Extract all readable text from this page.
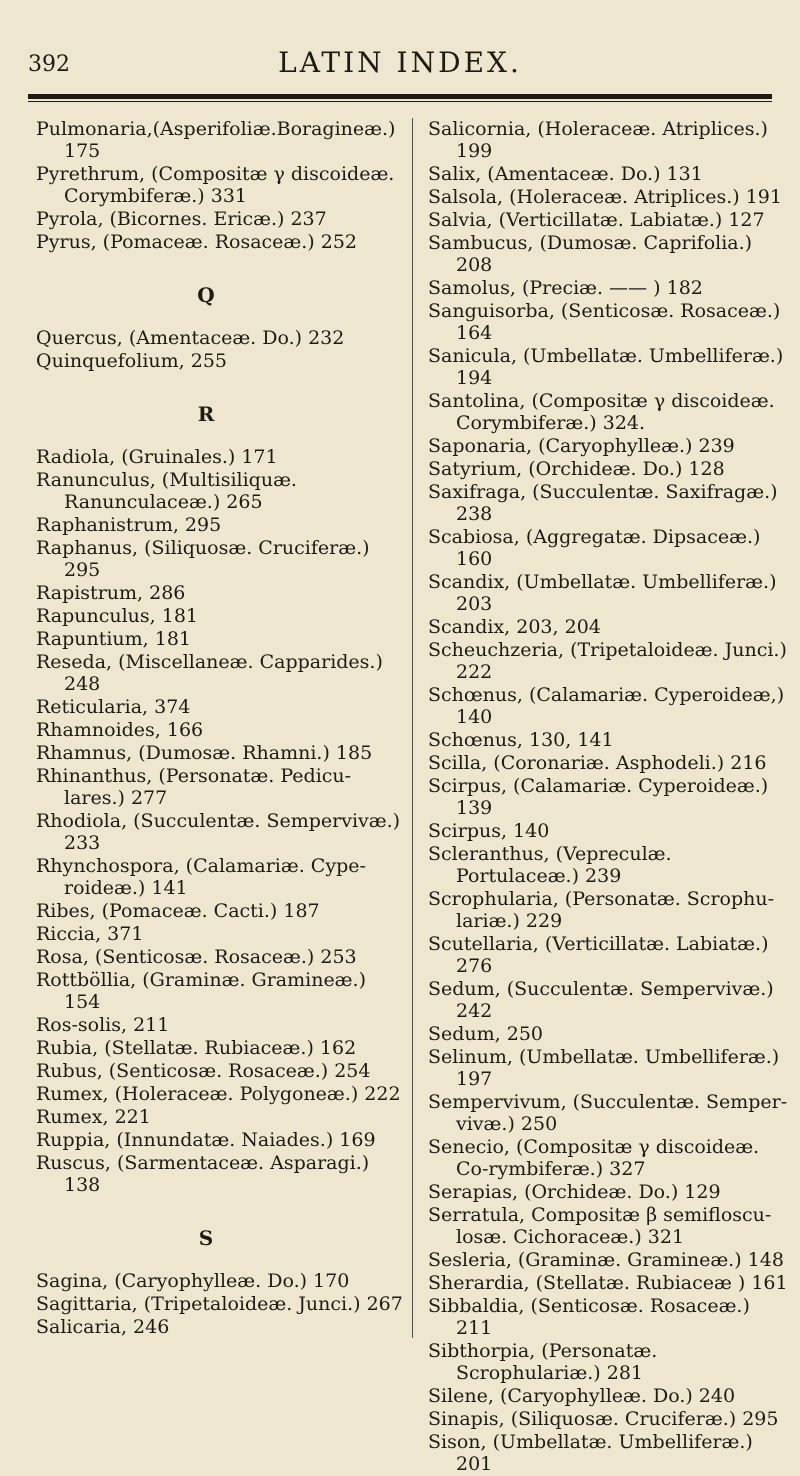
392	LATIN INDEX.

Pulmonaria,(Asperifoliæ.Boragineæ.) 175

Pyrethrum, (Compositæ γ discoideæ. Corymbiferæ.) 331

Pyrola, (Bicornes. Ericæ.) 237

Pyrus, (Pomaceæ. Rosaceæ.) 252

Q

Quercus, (Amentaceæ. Do.) 232

Quinquefolium, 255

R

Radiola, (Gruinales.) 171

Ranunculus, (Multisiliquæ. Ranunculaceæ.) 265

Raphanistrum, 295

Raphanus, (Siliquosæ. Cruciferæ.) 295

Rapistrum, 286

Rapunculus, 181

Rapuntium, 181

Reseda, (Miscellaneæ. Capparides.) 248

Reticularia, 374

Rhamnoides, 166

Rhamnus, (Dumosæ. Rhamni.) 185

Rhinanthus, (Personatæ. Pedicu-lares.) 277

Rhodiola, (Succulentæ. Sempervivæ.) 233

Rhynchospora, (Calamariæ. Cype-roideæ.) 141

Ribes, (Pomaceæ. Cacti.) 187

Riccia, 371

Rosa, (Senticosæ. Rosaceæ.) 253

Rottböllia, (Graminæ. Gramineæ.) 154

Ros-solis, 211

Rubia, (Stellatæ. Rubiaceæ.) 162

Rubus, (Senticosæ. Rosaceæ.) 254

Rumex, (Holeraceæ. Polygoneæ.) 222

Rumex, 221

Ruppia, (Innundatæ. Naiades.) 169

Ruscus, (Sarmentaceæ. Asparagi.) 138

S

Sagina, (Caryophylleæ. Do.) 170

Sagittaria, (Tripetaloideæ. Junci.) 267

Salicaria, 246

Salicornia, (Holeraceæ. Atriplices.) 199

Salix, (Amentaceæ. Do.) 131

Salsola, (Holeraceæ. Atriplices.) 191

Salvia, (Verticillatæ. Labiatæ.) 127

Sambucus, (Dumosæ. Caprifolia.) 208

Samolus, (Preciæ. —— ) 182

Sanguisorba, (Senticosæ. Rosaceæ.) 164

Sanicula, (Umbellatæ. Umbelliferæ.) 194

Santolina, (Compositæ γ discoideæ. Corymbiferæ.) 324.

Saponaria, (Caryophylleæ.) 239

Satyrium, (Orchideæ. Do.) 128

Saxifraga, (Succulentæ. Saxifragæ.) 238

Scabiosa, (Aggregatæ. Dipsaceæ.) 160

Scandix, (Umbellatæ. Umbelliferæ.) 203

Scandix, 203, 204

Scheuchzeria, (Tripetaloideæ. Junci.) 222

Schœnus, (Calamariæ. Cyperoideæ,) 140

Schœnus, 130, 141

Scilla, (Coronariæ. Asphodeli.) 216

Scirpus, (Calamariæ. Cyperoideæ.) 139

Scirpus, 140

Scleranthus, (Vepreculæ. Portulaceæ.) 239

Scrophularia, (Personatæ. Scrophu-lariæ.) 229

Scutellaria, (Verticillatæ. Labiatæ.) 276

Sedum, (Succulentæ. Sempervivæ.) 242

Sedum, 250

Selinum, (Umbellatæ. Umbelliferæ.) 197

Sempervivum, (Succulentæ. Semper-vivæ.) 250

Senecio, (Compositæ γ discoideæ. Co-rymbiferæ.) 327

Serapias, (Orchideæ. Do.) 129

Serratula, Compositæ β semifloscu-losæ. Cichoraceæ.) 321

Sesleria, (Graminæ. Gramineæ.) 148

Sherardia, (Stellatæ. Rubiaceæ ) 161

Sibbaldia, (Senticosæ. Rosaceæ.) 211

Sibthorpia, (Personatæ. Scrophulariæ.) 281

Silene, (Caryophylleæ. Do.) 240

Sinapis, (Siliquosæ. Cruciferæ.) 295

Sison, (Umbellatæ. Umbelliferæ.) 201
